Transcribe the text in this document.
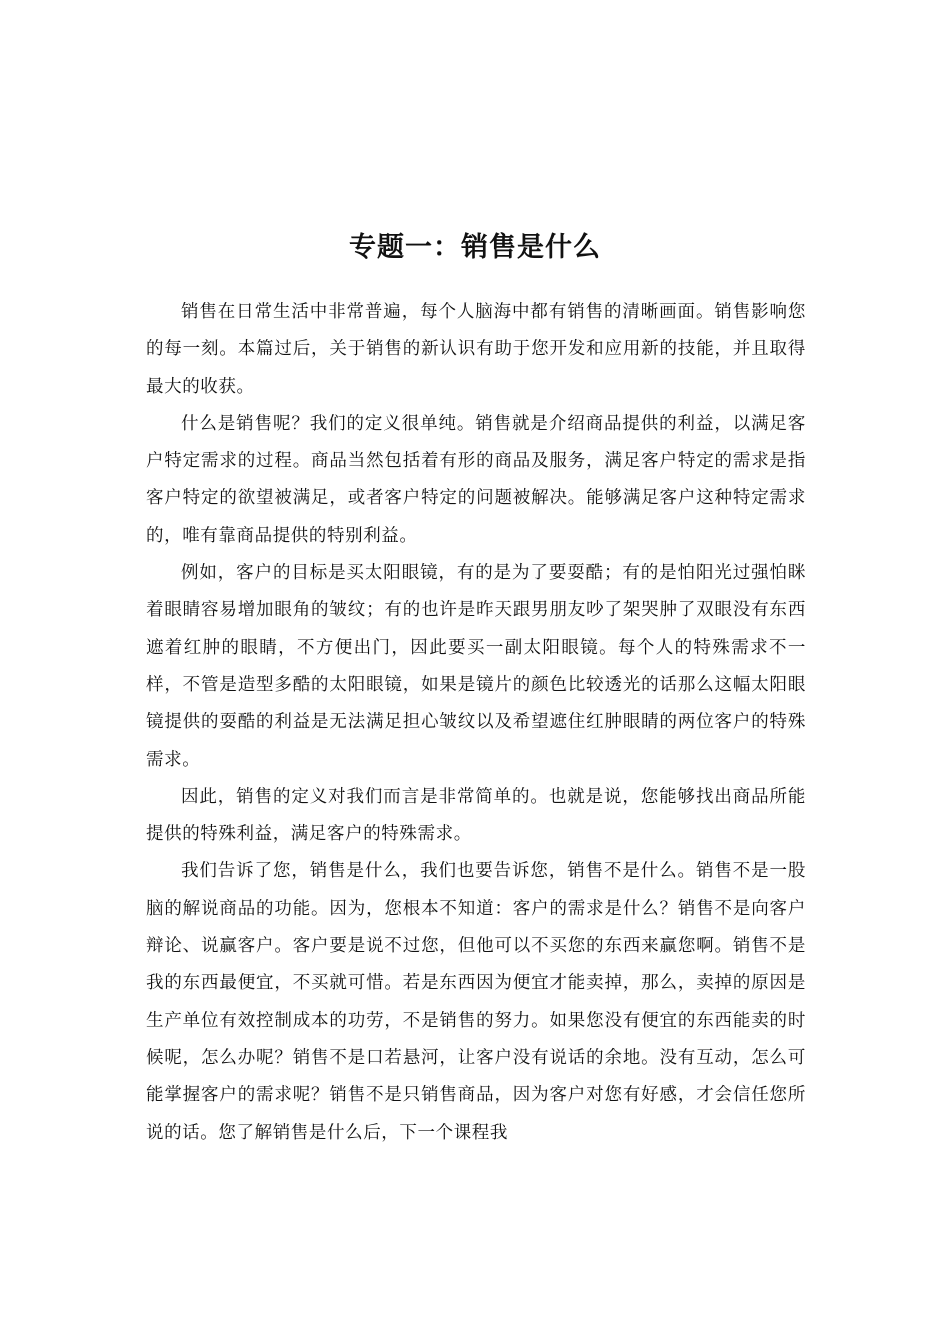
专题一：销售是什么

销售在日常生活中非常普遍，每个人脑海中都有销售的清晰画面。销售影响您的每一刻。本篇过后，关于销售的新认识有助于您开发和应用新的技能，并且取得最大的收获。

什么是销售呢？我们的定义很单纯。销售就是介绍商品提供的利益，以满足客户特定需求的过程。商品当然包括着有形的商品及服务，满足客户特定的需求是指客户特定的欲望被满足，或者客户特定的问题被解决。能够满足客户这种特定需求的，唯有靠商品提供的特别利益。

例如，客户的目标是买太阳眼镜，有的是为了要耍酷；有的是怕阳光过强怕眯着眼睛容易增加眼角的皱纹；有的也许是昨天跟男朋友吵了架哭肿了双眼没有东西遮着红肿的眼睛，不方便出门，因此要买一副太阳眼镜。每个人的特殊需求不一样，不管是造型多酷的太阳眼镜，如果是镜片的颜色比较透光的话那么这幅太阳眼镜提供的耍酷的利益是无法满足担心皱纹以及希望遮住红肿眼睛的两位客户的特殊需求。

因此，销售的定义对我们而言是非常简单的。也就是说，您能够找出商品所能提供的特殊利益，满足客户的特殊需求。

我们告诉了您，销售是什么，我们也要告诉您，销售不是什么。销售不是一股脑的解说商品的功能。因为，您根本不知道：客户的需求是什么？销售不是向客户辩论、说赢客户。客户要是说不过您，但他可以不买您的东西来赢您啊。销售不是我的东西最便宜，不买就可惜。若是东西因为便宜才能卖掉，那么，卖掉的原因是生产单位有效控制成本的功劳，不是销售的努力。如果您没有便宜的东西能卖的时候呢，怎么办呢？销售不是口若悬河，让客户没有说话的余地。没有互动，怎么可能掌握客户的需求呢？销售不是只销售商品，因为客户对您有好感，才会信任您所说的话。您了解销售是什么后，下一个课程我
